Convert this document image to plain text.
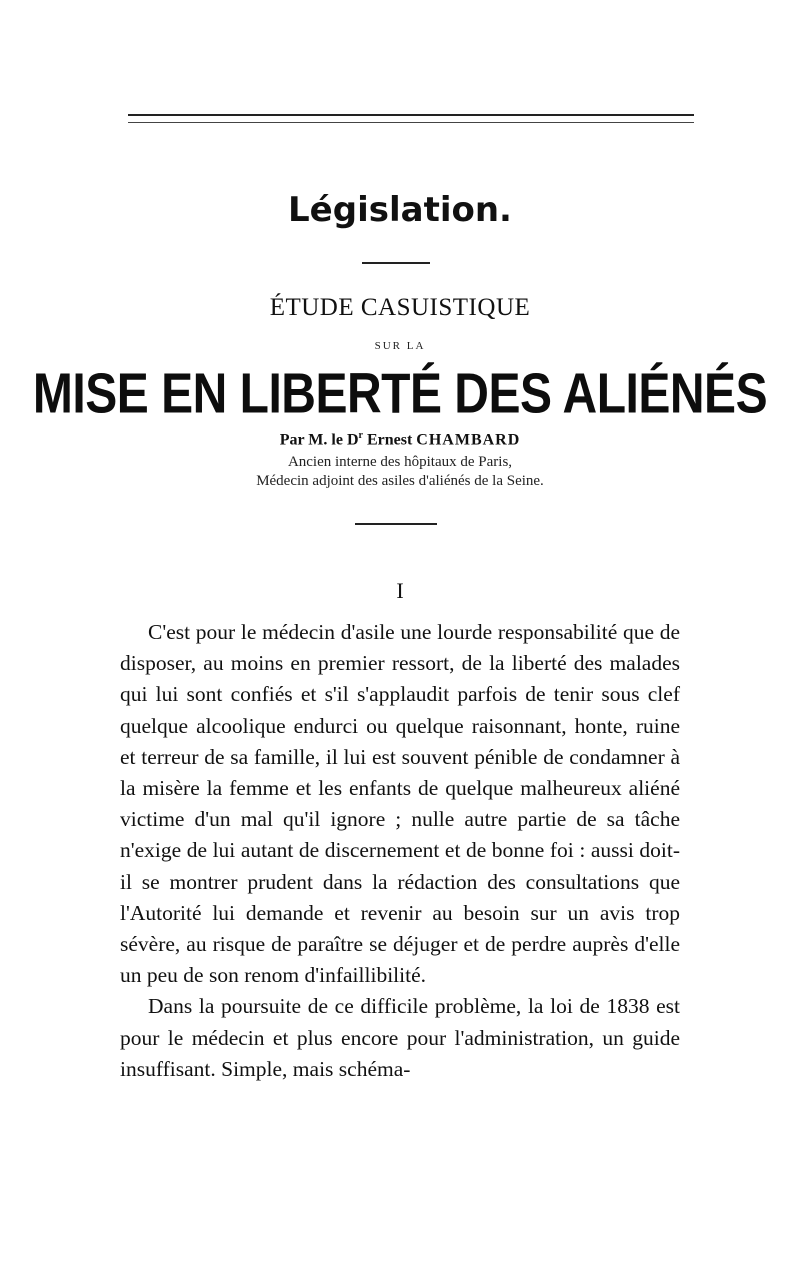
Législation.
ÉTUDE CASUISTIQUE
SUR LA
MISE EN LIBERTÉ DES ALIÉNÉS
Par M. le $D^r$ Ernest CHAMBARD
Ancien interne des hôpitaux de Paris,
Médecin adjoint des asiles d'aliénés de la Seine.
I

C'est pour le médecin d'asile une lourde responsabilité que de disposer, au moins en premier ressort, de la liberté des malades qui lui sont confiés et s'il s'applaudit parfois de tenir sous clef quelque alcoolique endurci ou quelque raisonnant, honte, ruine et terreur de sa famille, il lui est souvent pénible de condamner à la misère la femme et les enfants de quelque malheureux aliéné victime d'un mal qu'il ignore ; nulle autre partie de sa tâche n'exige de lui autant de discernement et de bonne foi : aussi doit-il se montrer prudent dans la rédaction des consultations que l'Autorité lui demande et revenir au besoin sur un avis trop sévère, au risque de paraître se déjuger et de perdre auprès d'elle un peu de son renom d'infaillibilité.

Dans la poursuite de ce difficile problème, la loi de 1838 est pour le médecin et plus encore pour l'administration, un guide insuffisant. Simple, mais schéma-
